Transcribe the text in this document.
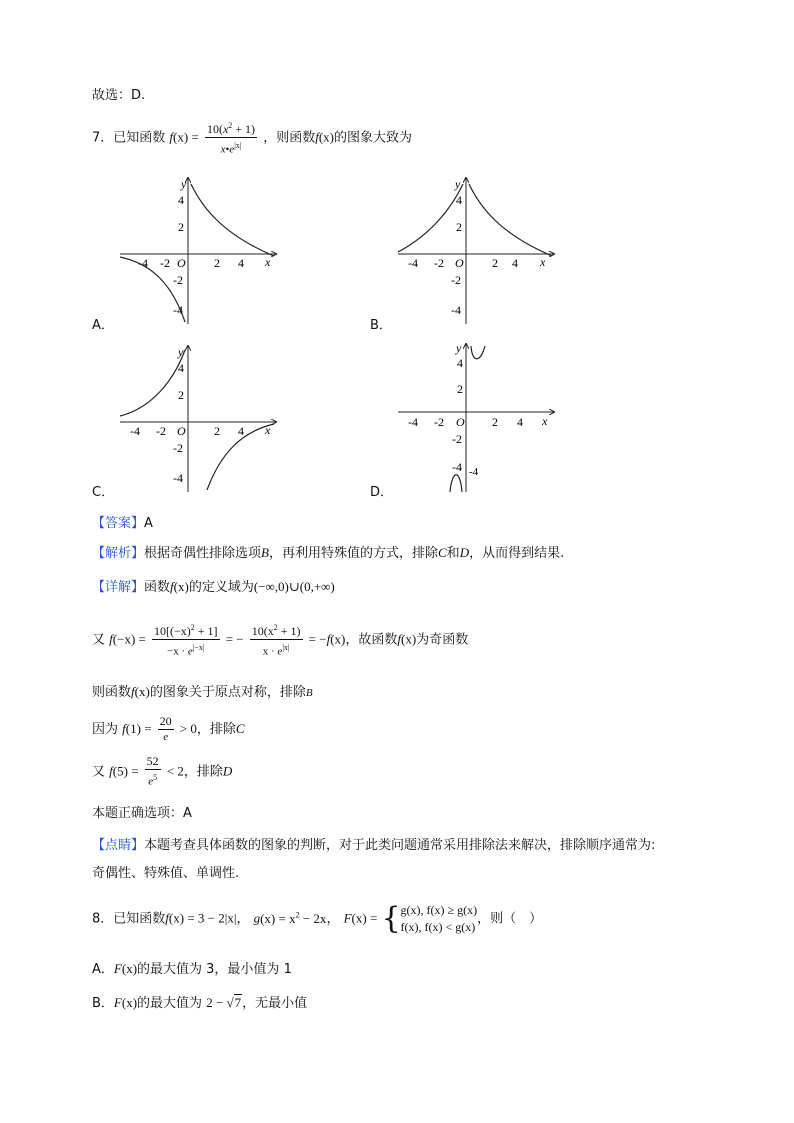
故选：D.
7．已知函数 $f(x) = \frac{10(x^2 + 1)}{x•e^{|x|}}$ ，则函数f(x)的图象大致为
y
4
2
-2
-4
O
-4 -2	2 4 x
A．
y
4
2
-2
-4
O
-4 -2	2 4 x
B．
y
4
2
-2
-4
O
-4 -2	2 4 x
C．
y
4
2
-2
-4
O
-4 -2	2 4 x
-4
D．
【答案】A
【解析】根据奇偶性排除选项B，再利用特殊值的方式，排除C和D，从而得到结果.
【详解】函数f(x)的定义域为(−∞,0)∪(0,+∞)
又 $f(-x) = \frac{10[(-x)^2 + 1]}{-x \cdot e^{|-x|}}$ = − $\frac{10(x^2 + 1)}{x \cdot e^{|x|}} = -f(x)$，故函数f(x)为奇函数
则函数f(x)的图象关于原点对称，排除B
因为 $f(1) = \frac{20}{e} > 0$，排除C
又 $f(5) = \frac{52}{e^5} < 2$，排除D
本题正确选项：A
【点睛】本题考查具体函数的图象的判断，对于此类问题通常采用排除法来解决，排除顺序通常为:
奇偶性、特殊值、单调性.
8．已知函数f(x) = 3 − 2|x|， $g(x) = x^2 - 2x$， F(x) = { g(x), f(x) ≥ g(x)
f(x), f(x) < g(x)
，则（　）
A．F(x)的最大值为 3，最小值为 1
B．F(x)的最大值为 2 − √7，无最小值
